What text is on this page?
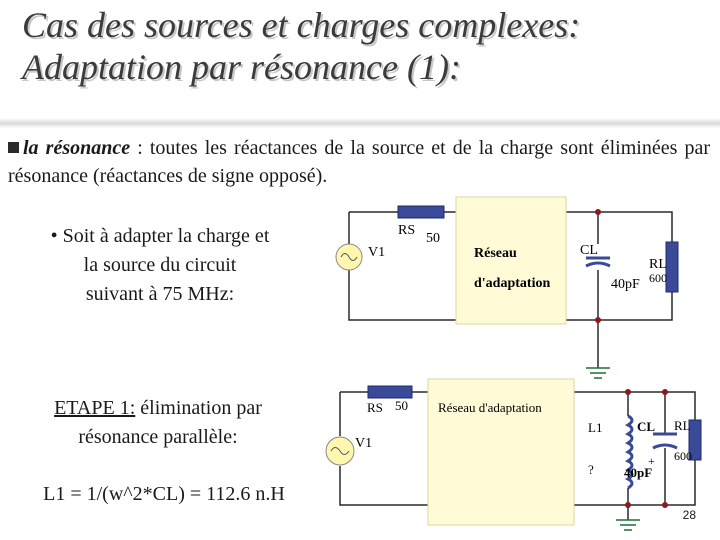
Cas des sources et charges complexes:
Adaptation par résonance (1):
la résonance : toutes les réactances de la source et de la charge sont éliminées par résonance (réactances de signe opposé).
• Soit à adapter la charge et
la source du circuit
suivant à 75 MHz:
ETAPE 1: élimination par
résonance parallèle:
L1 = 1/(w^2*CL) = 112.6 n.H
RS
50
V1	Réseau
d'adaptation
CL
40pF
RL
600
RS 50
V1
Réseau d'adaptation
L1
?
CL
+
40pF
RL
600
28
